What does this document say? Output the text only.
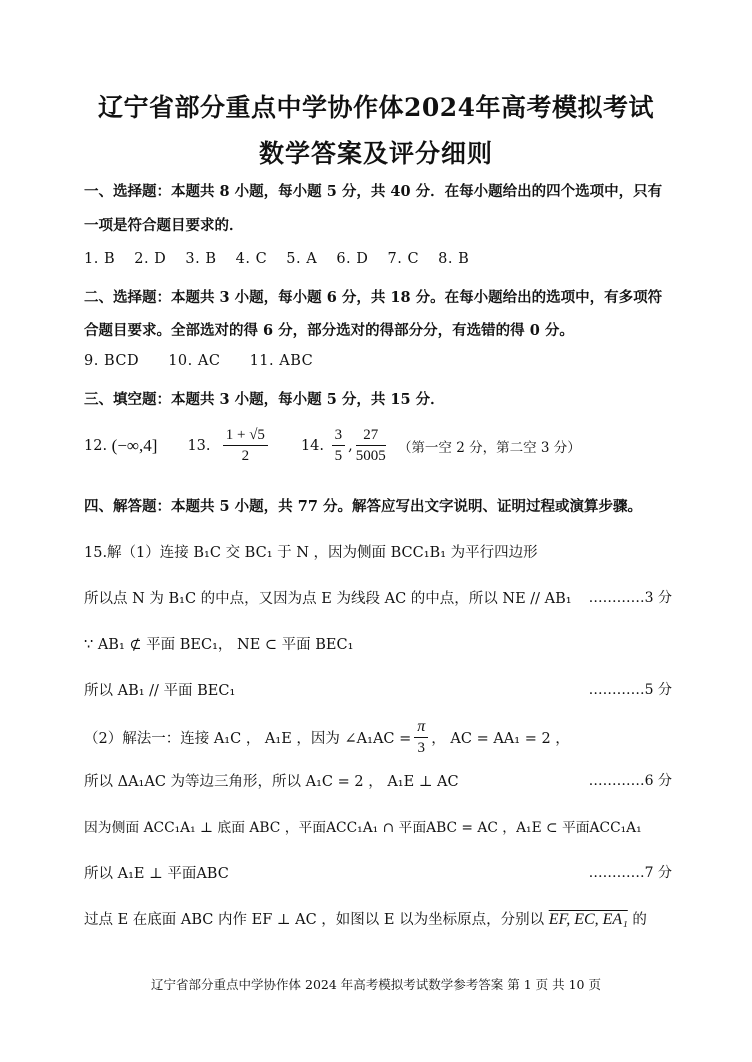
辽宁省部分重点中学协作体2024年高考模拟考试
数学答案及评分细则
一、选择题：本题共 8 小题，每小题 5 分，共 40 分．在每小题给出的四个选项中，只有
一项是符合题目要求的．
1. B 2. D 3. B 4. C 5. A 6. D 7. C 8. B
二、选择题：本题共 3 小题，每小题 6 分，共 18 分。在每小题给出的选项中，有多项符
合题目要求。全部选对的得 6 分，部分选对的得部分分，有选错的得 0 分。
9. BCD 10. AC 11. ABC
三、填空题：本题共 3 小题，每小题 5 分，共 15 分．
12.
(−∞,4] 13.
$\frac{1 + √5}{2} 14$.
$\frac{3}{5}$ , $\frac{27}{5005}$
（第一空 2 分，第二空 3 分）
四、解答题：本题共 5 小题，共 77 分。解答应写出文字说明、证明过程或演算步骤。
15.解（1）连接 B₁C 交 BC₁ 于 N ，因为侧面 BCC₁B₁ 为平行四边形
所以点 N 为 B₁C 的中点，又因为点 E 为线段 AC 的中点，所以 NE // AB₁	…………3 分
∵ AB₁ ⊄ 平面 BEC₁， NE ⊂ 平面 BEC₁
所以 AB₁ // 平面 BEC₁	…………5 分
（2）解法一：连接 A₁C ， A₁E ，因为 ∠A₁AC = $\frac{\pi}{3}$ ， AC = AA₁ = 2 ，
所以 ΔA₁AC 为等边三角形，所以 A₁C = 2 ， A₁E ⊥ AC	…………6 分
因为侧面 ACC₁A₁ ⊥ 底面 ABC ，平面ACC₁A₁ ∩ 平面ABC = AC ，A₁E ⊂ 平面ACC₁A₁
所以 A₁E ⊥ 平面ABC	…………7 分
过点 E 在底面 ABC 内作 EF ⊥ AC ，如图以 E 以为坐标原点，分别以 EF, EC, EA₁ 的
辽宁省部分重点中学协作体 2024 年高考模拟考试数学参考答案 第 1 页 共 10 页
